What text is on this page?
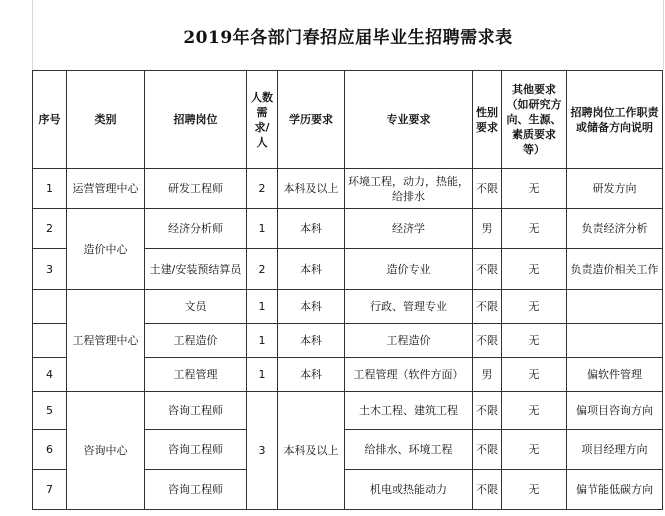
2019年各部门春招应届毕业生招聘需求表
序号	类别	招聘岗位	人数需求/人	学历要求	专业要求	性别要求	其他要求（如研究方向、生源、素质要求等）	招聘岗位工作职责或储备方向说明
1	运营管理中心	研发工程师	2	本科及以上	环境工程，动力，热能，给排水	不限	无	研发方向
2	造价中心	经济分析师	1	本科	经济学	男	无	负责经济分析
3		土建/安装预结算员	2	本科	造价专业	不限	无	负责造价相关工作
	工程管理中心	文员	1	本科	行政、管理专业	不限	无	
		工程造价	1	本科	工程造价	不限	无	
4		工程管理	1	本科	工程管理（软件方面）	男	无	偏软件管理
5	咨询中心	咨询工程师	3	本科及以上	土木工程、建筑工程	不限	无	偏项目咨询方向
6		咨询工程师			给排水、环境工程	不限	无	项目经理方向
7		咨询工程师			机电或热能动力	不限	无	偏节能低碳方向
